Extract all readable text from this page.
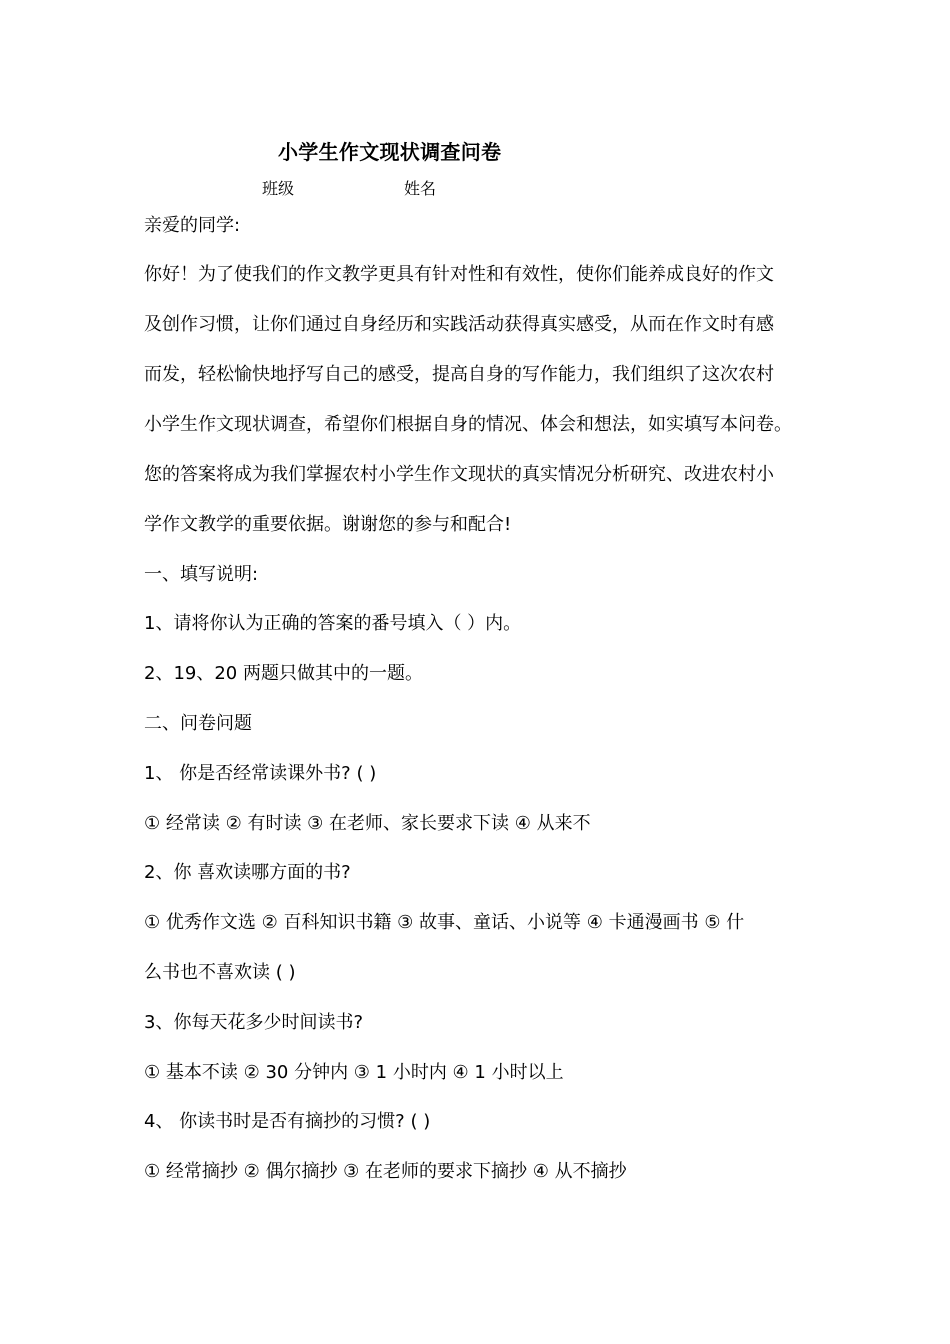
小学生作文现状调查问卷
班级	姓名
亲爱的同学:
你好！为了使我们的作文教学更具有针对性和有效性，使你们能养成良好的作文
及创作习惯，让你们通过自身经历和实践活动获得真实感受，从而在作文时有感
而发，轻松愉快地抒写自己的感受，提高自身的写作能力，我们组织了这次农村
小学生作文现状调查，希望你们根据自身的情况、体会和想法，如实填写本问卷。
您的答案将成为我们掌握农村小学生作文现状的真实情况分析研究、改进农村小
学作文教学的重要依据。谢谢您的参与和配合!
一、填写说明:
1、请将你认为正确的答案的番号填入（ ）内。
2、19、20 两题只做其中的一题。
二、问卷问题
1、 你是否经常读课外书? ( )
① 经常读 ② 有时读 ③ 在老师、家长要求下读 ④ 从来不
2、你 喜欢读哪方面的书?
① 优秀作文选 ② 百科知识书籍 ③ 故事、童话、小说等 ④ 卡通漫画书 ⑤ 什
么书也不喜欢读 ( )
3、你每天花多少时间读书?
① 基本不读 ② 30 分钟内 ③ 1 小时内 ④ 1 小时以上
4、 你读书时是否有摘抄的习惯? ( )
① 经常摘抄 ② 偶尔摘抄 ③ 在老师的要求下摘抄 ④ 从不摘抄
